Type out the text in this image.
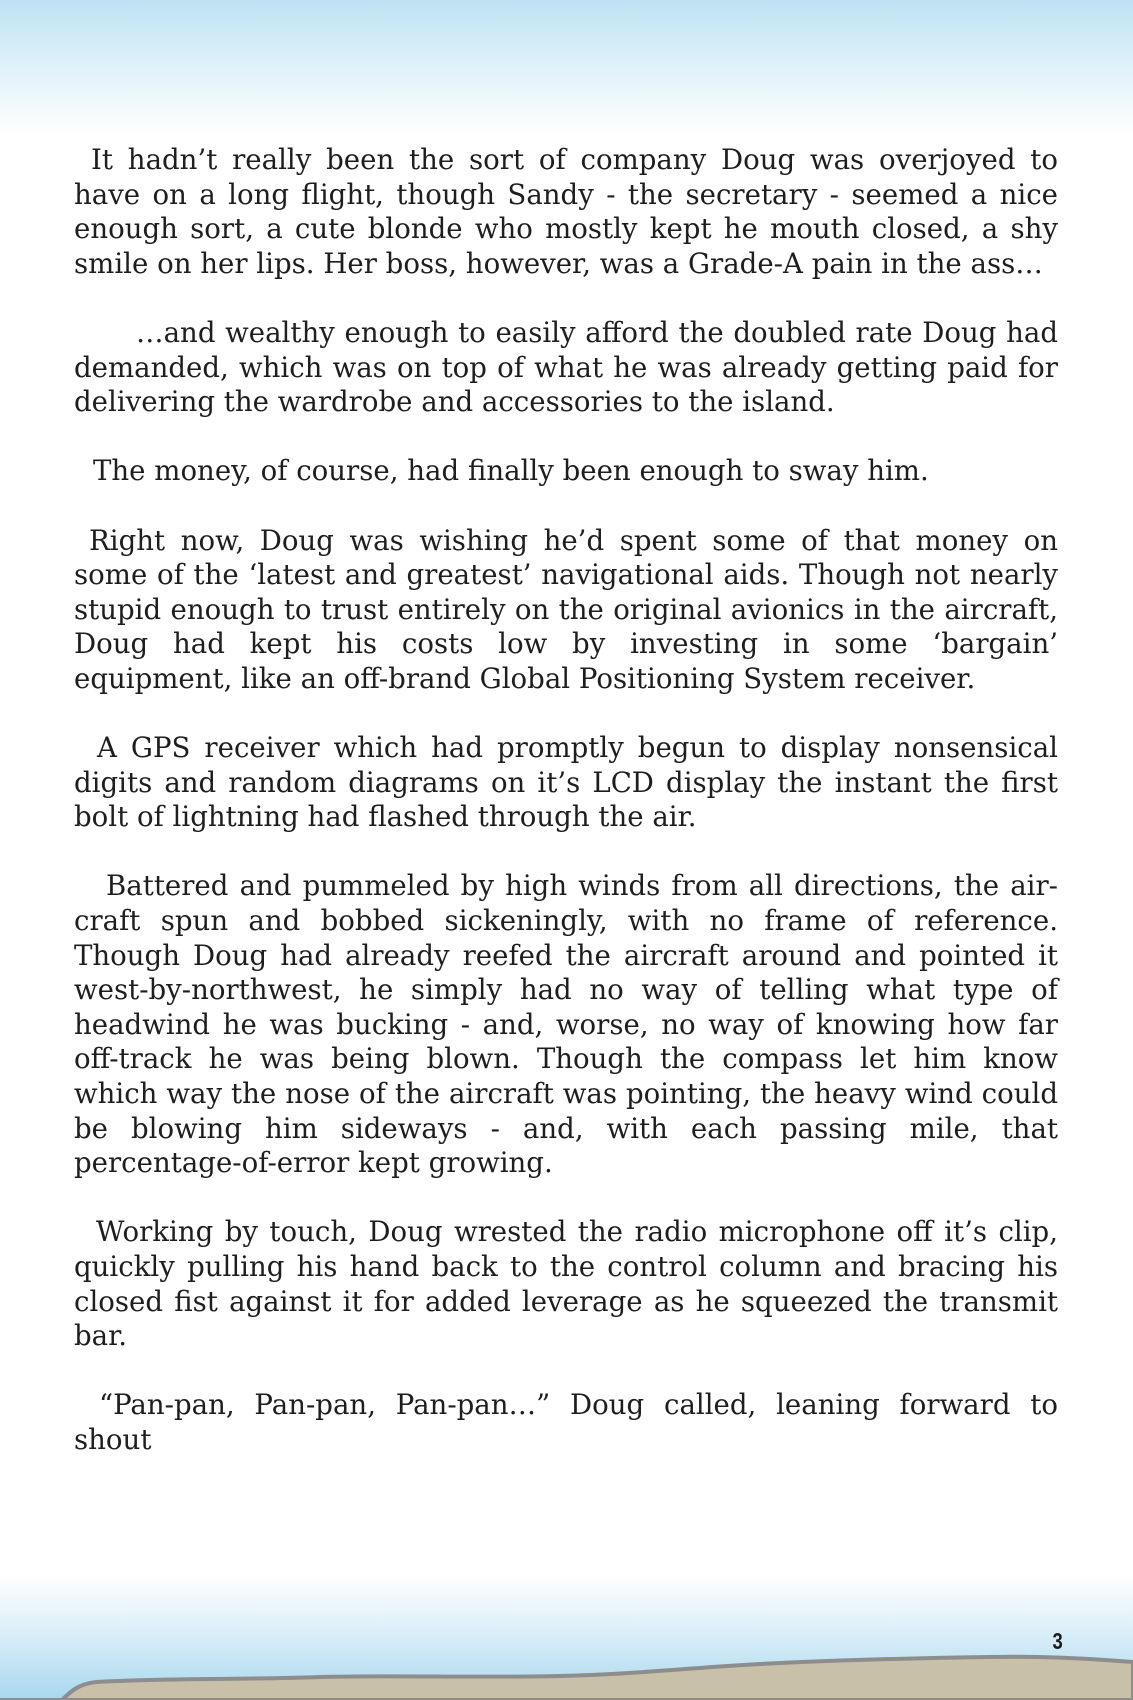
It hadn’t really been the sort of company Doug was overjoyed to have on a long flight, though Sandy - the secretary - seemed a nice enough sort, a cute blonde who mostly kept he mouth closed, a shy smile on her lips. Her boss, however, was a Grade-A pain in the ass…

…and wealthy enough to easily afford the doubled rate Doug had demanded, which was on top of what he was already getting paid for delivering the wardrobe and accessories to the island.

The money, of course, had finally been enough to sway him.

Right now, Doug was wishing he’d spent some of that money on some of the ‘latest and greatest’ navigational aids. Though not nearly stupid enough to trust entirely on the original avionics in the aircraft, Doug had kept his costs low by investing in some ‘bargain’ equipment, like an off-brand Global Positioning System receiver.

A GPS receiver which had promptly begun to display nonsensical digits and random diagrams on it’s LCD display the instant the first bolt of lightning had flashed through the air.

Battered and pummeled by high winds from all directions, the aircraft spun and bobbed sickeningly, with no frame of reference. Though Doug had already reefed the aircraft around and pointed it west-by-northwest, he simply had no way of telling what type of headwind he was bucking - and, worse, no way of knowing how far off-track he was being blown. Though the compass let him know which way the nose of the aircraft was pointing, the heavy wind could be blowing him sideways - and, with each passing mile, that percentage-of-error kept growing.

Working by touch, Doug wrested the radio microphone off it’s clip, quickly pulling his hand back to the control column and bracing his closed fist against it for added leverage as he squeezed the transmit bar.

“Pan-pan, Pan-pan, Pan-pan…” Doug called, leaning forward to shout

3
